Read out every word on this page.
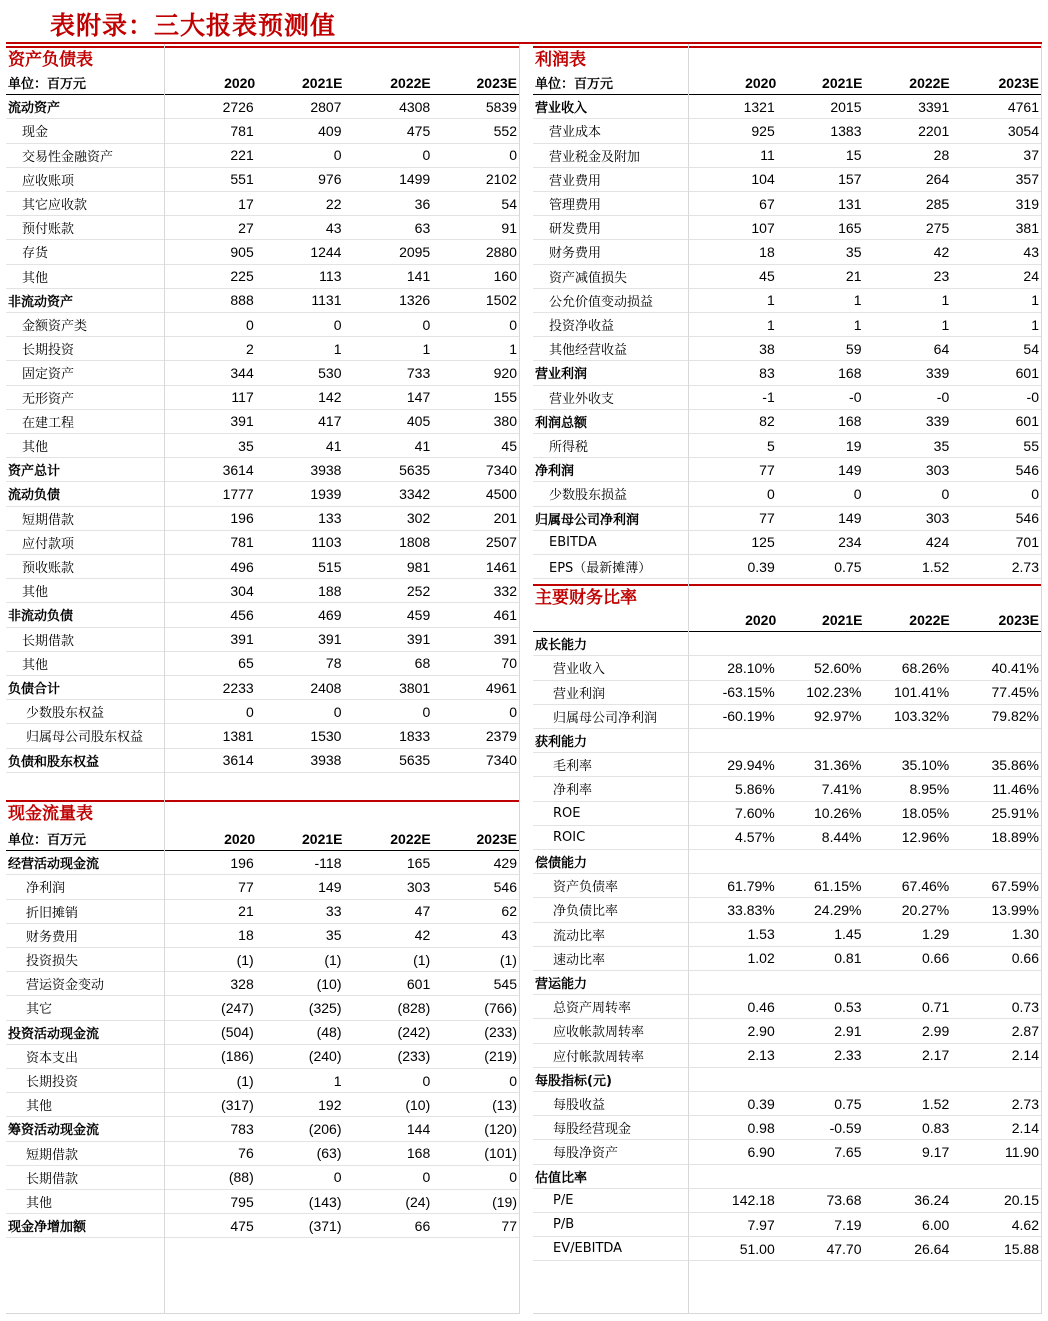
表附录：三大报表预测值
资产负债表
单位：百万元	2020	2021E	2022E	2023E
流动资产	2726	2807	4308	5839
现金	781	409	475	552
交易性金融资产	221	0	0	0
应收账项	551	976	1499	2102
其它应收款	17	22	36	54
预付账款	27	43	63	91
存货	905	1244	2095	2880
其他	225	113	141	160
非流动资产	888	1131	1326	1502
金额资产类	0	0	0	0
长期投资	2	1	1	1
固定资产	344	530	733	920
无形资产	117	142	147	155
在建工程	391	417	405	380
其他	35	41	41	45
资产总计	3614	3938	5635	7340
流动负债	1777	1939	3342	4500
短期借款	196	133	302	201
应付款项	781	1103	1808	2507
预收账款	496	515	981	1461
其他	304	188	252	332
非流动负债	456	469	459	461
长期借款	391	391	391	391
其他	65	78	68	70
负债合计	2233	2408	3801	4961
少数股东权益	0	0	0	0
归属母公司股东权益	1381	1530	1833	2379
负债和股东权益	3614	3938	5635	7340
现金流量表
单位：百万元	2020	2021E	2022E	2023E
经营活动现金流	196	-118	165	429
净利润	77	149	303	546
折旧摊销	21	33	47	62
财务费用	18	35	42	43
投资损失	(1)	(1)	(1)	(1)
营运资金变动	328	(10)	601	545
其它	(247)	(325)	(828)	(766)
投资活动现金流	(504)	(48)	(242)	(233)
资本支出	(186)	(240)	(233)	(219)
长期投资	(1)	1	0	0
其他	(317)	192	(10)	(13)
筹资活动现金流	783	(206)	144	(120)
短期借款	76	(63)	168	(101)
长期借款	(88)	0	0	0
其他	795	(143)	(24)	(19)
现金净增加额	475	(371)	66	77
利润表
单位：百万元	2020	2021E	2022E	2023E
营业收入	1321	2015	3391	4761
营业成本	925	1383	2201	3054
营业税金及附加	11	15	28	37
营业费用	104	157	264	357
管理费用	67	131	285	319
研发费用	107	165	275	381
财务费用	18	35	42	43
资产减值损失	45	21	23	24
公允价值变动损益	1	1	1	1
投资净收益	1	1	1	1
其他经营收益	38	59	64	54
营业利润	83	168	339	601
营业外收支	-1	-0	-0	-0
利润总额	82	168	339	601
所得税	5	19	35	55
净利润	77	149	303	546
少数股东损益	0	0	0	0
归属母公司净利润	77	149	303	546
EBITDA	125	234	424	701
EPS（最新摊薄）	0.39	0.75	1.52	2.73
主要财务比率
2020	2021E	2022E	2023E
成长能力
营业收入	28.10%	52.60%	68.26%	40.41%
营业利润	-63.15%	102.23%	101.41%	77.45%
归属母公司净利润	-60.19%	92.97%	103.32%	79.82%
获利能力
毛利率	29.94%	31.36%	35.10%	35.86%
净利率	5.86%	7.41%	8.95%	11.46%
ROE	7.60%	10.26%	18.05%	25.91%
ROIC	4.57%	8.44%	12.96%	18.89%
偿债能力
资产负债率	61.79%	61.15%	67.46%	67.59%
净负债比率	33.83%	24.29%	20.27%	13.99%
流动比率	1.53	1.45	1.29	1.30
速动比率	1.02	0.81	0.66	0.66
营运能力
总资产周转率	0.46	0.53	0.71	0.73
应收帐款周转率	2.90	2.91	2.99	2.87
应付帐款周转率	2.13	2.33	2.17	2.14
每股指标(元)
每股收益	0.39	0.75	1.52	2.73
每股经营现金	0.98	-0.59	0.83	2.14
每股净资产	6.90	7.65	9.17	11.90
估值比率
P/E	142.18	73.68	36.24	20.15
P/B	7.97	7.19	6.00	4.62
EV/EBITDA	51.00	47.70	26.64	15.88
